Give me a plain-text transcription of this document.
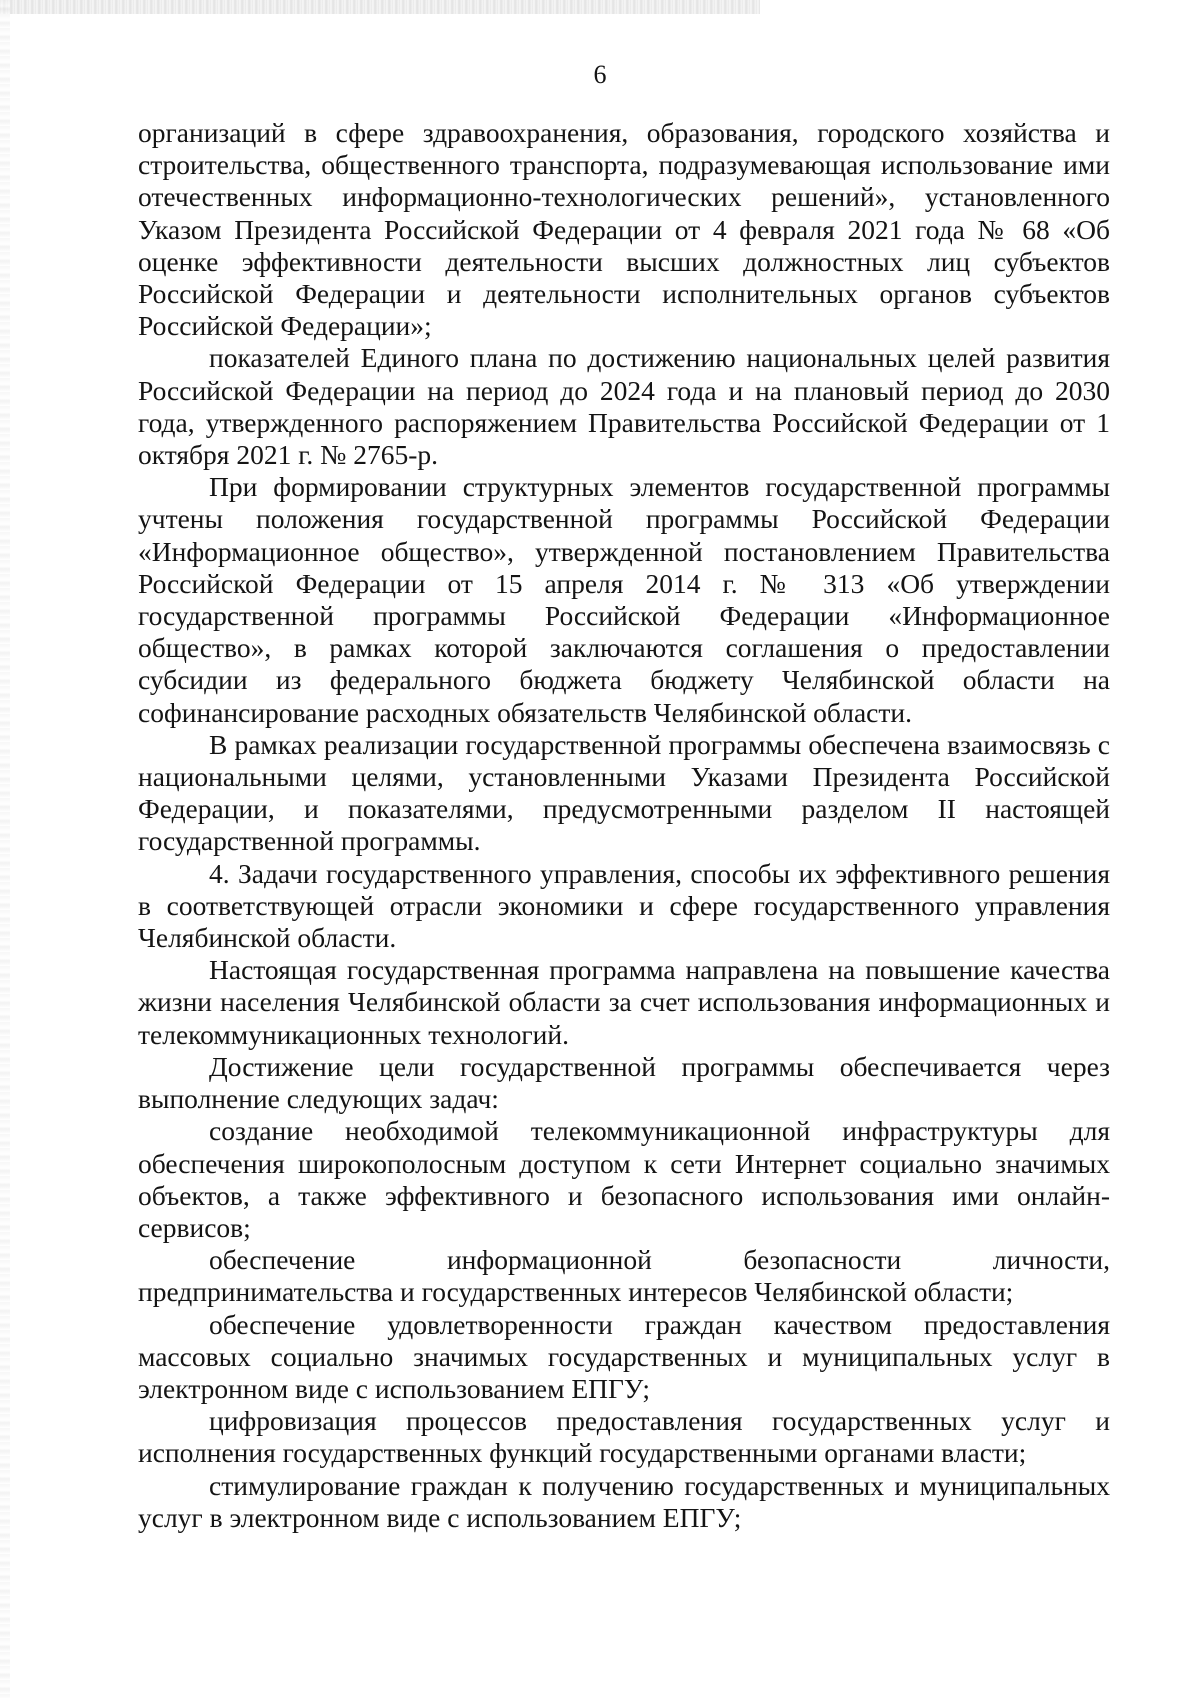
6

организаций в сфере здравоохранения, образования, городского хозяйства и строительства, общественного транспорта, подразумевающая использование ими отечественных информационно-технологических решений», установленного Указом Президента Российской Федерации от 4 февраля 2021 года № 68 «Об оценке эффективности деятельности высших должностных лиц субъектов Российской Федерации и деятельности исполнительных органов субъектов Российской Федерации»;

показателей Единого плана по достижению национальных целей развития Российской Федерации на период до 2024 года и на плановый период до 2030 года, утвержденного распоряжением Правительства Российской Федерации от 1 октября 2021 г. № 2765-р.

При формировании структурных элементов государственной программы учтены положения государственной программы Российской Федерации «Информационное общество», утвержденной постановлением Правительства Российской Федерации от 15 апреля 2014 г. № 313 «Об утверждении государственной программы Российской Федерации «Информационное общество», в рамках которой заключаются соглашения о предоставлении субсидии из федерального бюджета бюджету Челябинской области на софинансирование расходных обязательств Челябинской области.

В рамках реализации государственной программы обеспечена взаимосвязь с национальными целями, установленными Указами Президента Российской Федерации, и показателями, предусмотренными разделом II настоящей государственной программы.

4. Задачи государственного управления, способы их эффективного решения в соответствующей отрасли экономики и сфере государственного управления Челябинской области.

Настоящая государственная программа направлена на повышение качества жизни населения Челябинской области за счет использования информационных и телекоммуникационных технологий.

Достижение цели государственной программы обеспечивается через выполнение следующих задач:

создание необходимой телекоммуникационной инфраструктуры для обеспечения широкополосным доступом к сети Интернет социально значимых объектов, а также эффективного и безопасного использования ими онлайн-сервисов;

обеспечение информационной безопасности личности, предпринимательства и государственных интересов Челябинской области;

обеспечение удовлетворенности граждан качеством предоставления массовых социально значимых государственных и муниципальных услуг в электронном виде с использованием ЕПГУ;

цифровизация процессов предоставления государственных услуг и исполнения государственных функций государственными органами власти;

стимулирование граждан к получению государственных и муниципальных услуг в электронном виде с использованием ЕПГУ;
